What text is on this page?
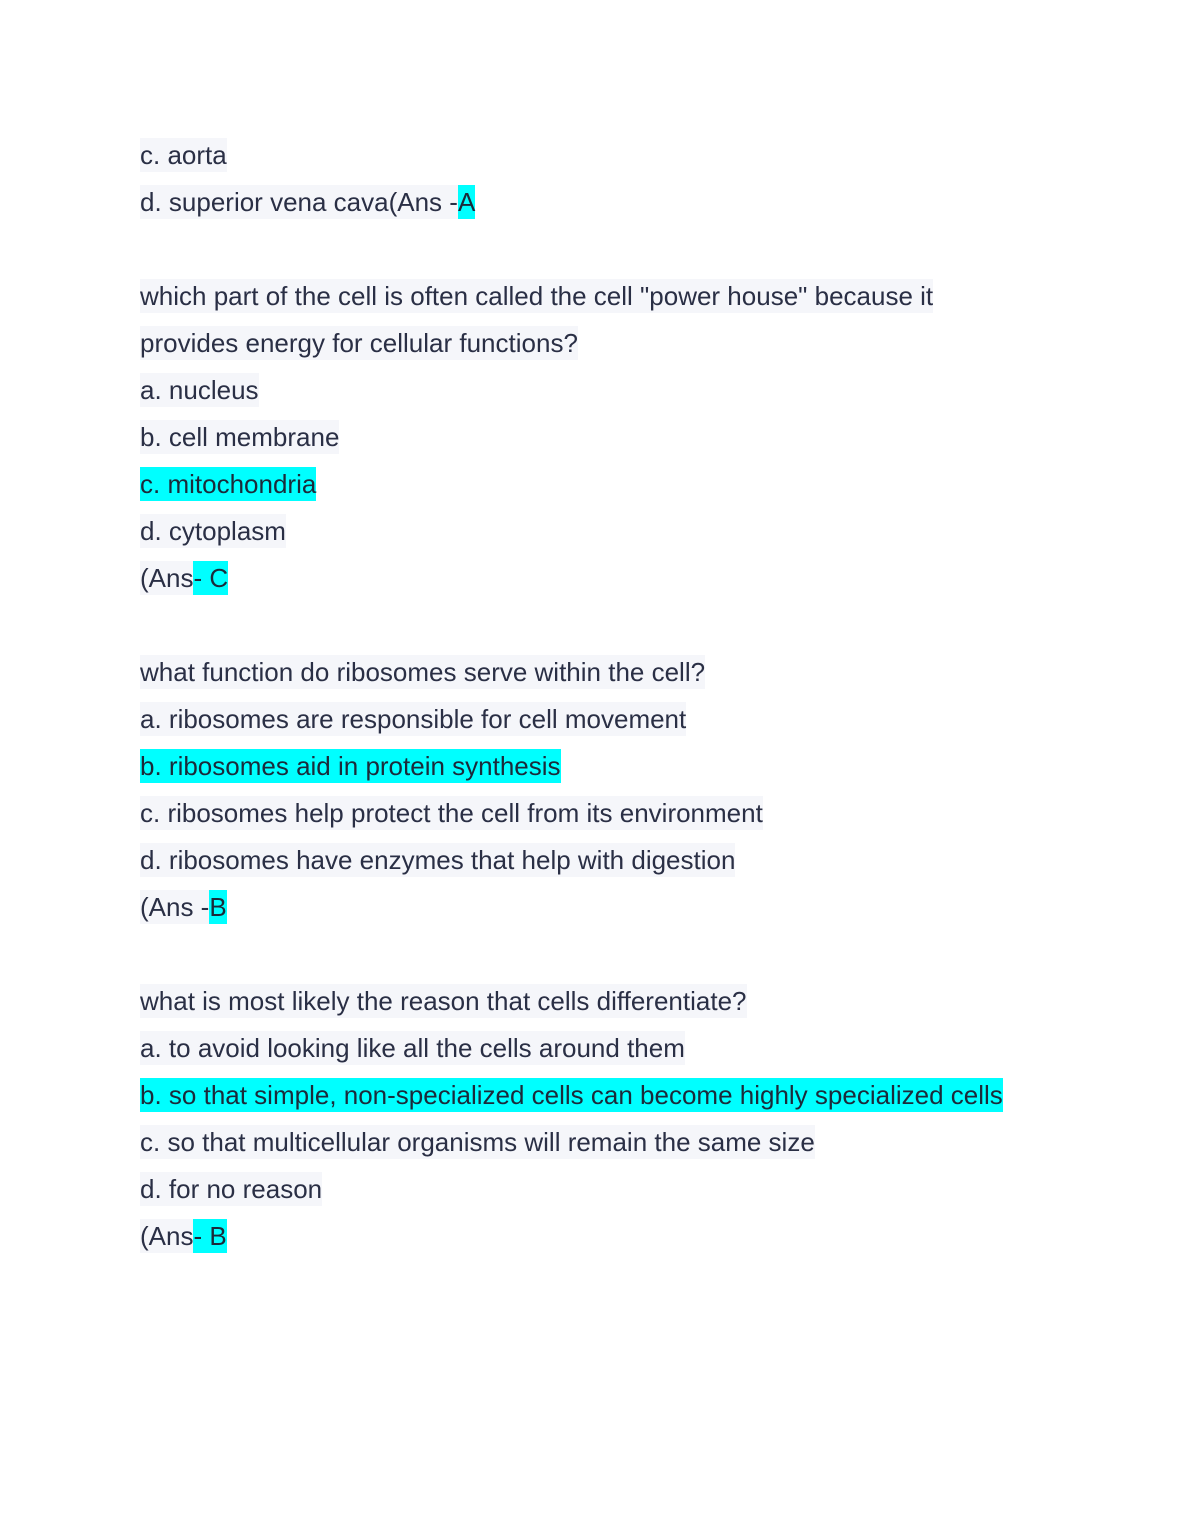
c. aorta
d. superior vena cava(Ans -A
which part of the cell is often called the cell "power house" because it
provides energy for cellular functions?
a. nucleus
b. cell membrane
c. mitochondria
d. cytoplasm
(Ans- C
what function do ribosomes serve within the cell?
a. ribosomes are responsible for cell movement
b. ribosomes aid in protein synthesis
c. ribosomes help protect the cell from its environment
d. ribosomes have enzymes that help with digestion
(Ans -B
what is most likely the reason that cells differentiate?
a. to avoid looking like all the cells around them
b. so that simple, non-specialized cells can become highly specialized cells
c. so that multicellular organisms will remain the same size
d. for no reason
(Ans- B
